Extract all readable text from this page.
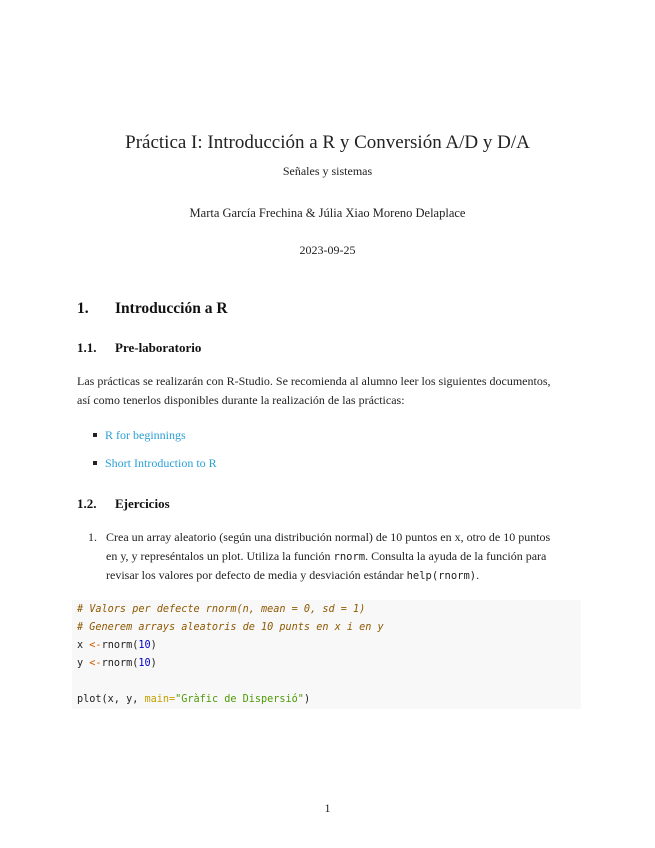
Práctica I: Introducción a R y Conversión A/D y D/A
Señales y sistemas
Marta García Frechina & Júlia Xiao Moreno Delaplace
2023-09-25
1. Introducción a R
1.1. Pre-laboratorio
Las prácticas se realizarán con R-Studio. Se recomienda al alumno leer los siguientes documentos,
así como tenerlos disponibles durante la realización de las prácticas:
R for beginnings
Short Introduction to R
1.2. Ejercicios
1. Crea un array aleatorio (según una distribución normal) de 10 puntos en x, otro de 10 puntos
en y, y represéntalos un plot. Utiliza la función rnorm. Consulta la ayuda de la función para
revisar los valores por defecto de media y desviación estándar help(rnorm).
# Valors per defecte rnorm(n, mean = 0, sd = 1)
# Generem arrays aleatoris de 10 punts en x i en y
x <-rnorm(10)
y <-rnorm(10)
plot(x, y, main="Gràfic de Dispersió")
1
